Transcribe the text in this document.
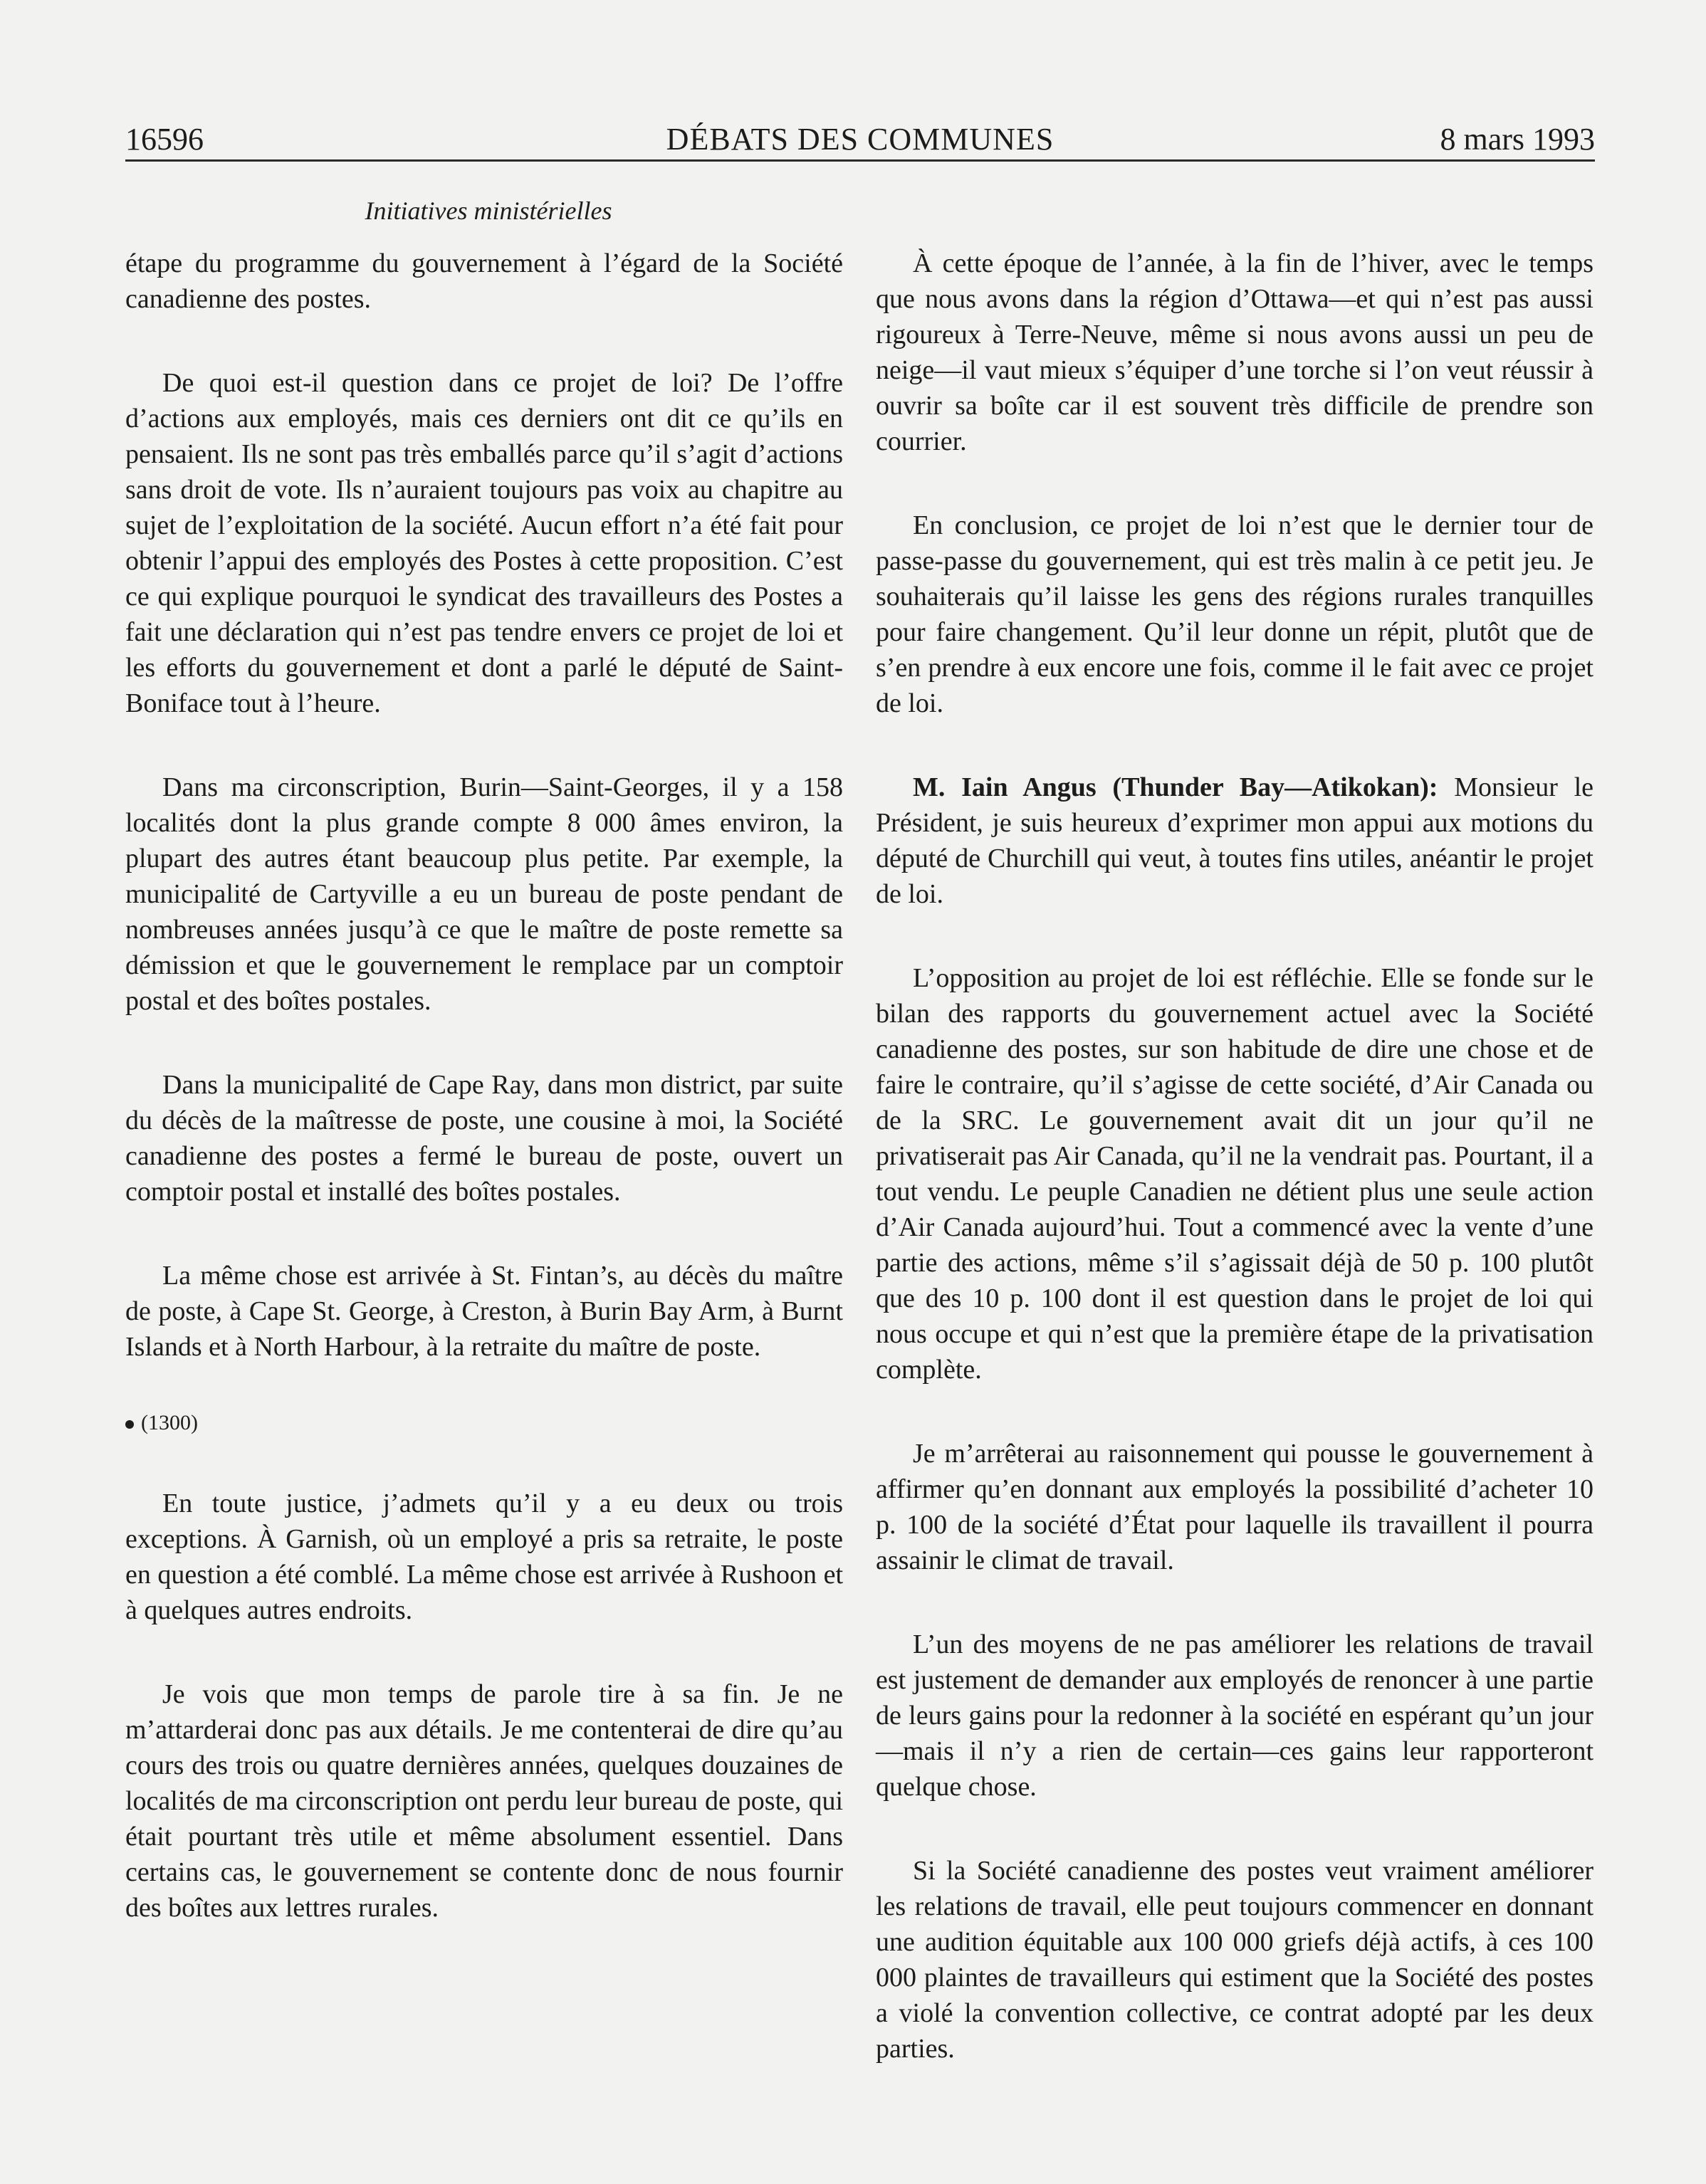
16596	DÉBATS DES COMMUNES	8 mars 1993
Initiatives ministérielles

étape du programme du gouvernement à l’égard de la Société canadienne des postes.

De quoi est-il question dans ce projet de loi? De l’offre d’actions aux employés, mais ces derniers ont dit ce qu’ils en pensaient. Ils ne sont pas très emballés parce qu’il s’agit d’actions sans droit de vote. Ils n’auraient toujours pas voix au chapitre au sujet de l’exploitation de la société. Aucun effort n’a été fait pour obtenir l’appui des employés des Postes à cette proposition. C’est ce qui explique pourquoi le syndicat des travailleurs des Postes a fait une déclaration qui n’est pas tendre envers ce projet de loi et les efforts du gouvernement et dont a parlé le député de Saint-Boniface tout à l’heure.

Dans ma circonscription, Burin—Saint-Georges, il y a 158 localités dont la plus grande compte 8 000 âmes environ, la plupart des autres étant beaucoup plus petite. Par exemple, la municipalité de Cartyville a eu un bureau de poste pendant de nombreuses années jusqu’à ce que le maître de poste remette sa démission et que le gouvernement le remplace par un comptoir postal et des boîtes postales.

Dans la municipalité de Cape Ray, dans mon district, par suite du décès de la maîtresse de poste, une cousine à moi, la Société canadienne des postes a fermé le bureau de poste, ouvert un comptoir postal et installé des boîtes postales.

La même chose est arrivée à St. Fintan’s, au décès du maître de poste, à Cape St. George, à Creston, à Burin Bay Arm, à Burnt Islands et à North Harbour, à la retraite du maître de poste.

(1300)

En toute justice, j’admets qu’il y a eu deux ou trois exceptions. À Garnish, où un employé a pris sa retraite, le poste en question a été comblé. La même chose est arrivée à Rushoon et à quelques autres endroits.

Je vois que mon temps de parole tire à sa fin. Je ne m’attarderai donc pas aux détails. Je me contenterai de dire qu’au cours des trois ou quatre dernières années, quelques douzaines de localités de ma circonscription ont perdu leur bureau de poste, qui était pourtant très utile et même absolument essentiel. Dans certains cas, le gouvernement se contente donc de nous fournir des boîtes aux lettres rurales.

À cette époque de l’année, à la fin de l’hiver, avec le temps que nous avons dans la région d’Ottawa—et qui n’est pas aussi rigoureux à Terre-Neuve, même si nous avons aussi un peu de neige—il vaut mieux s’équiper d’une torche si l’on veut réussir à ouvrir sa boîte car il est souvent très difficile de prendre son courrier.

En conclusion, ce projet de loi n’est que le dernier tour de passe-passe du gouvernement, qui est très malin à ce petit jeu. Je souhaiterais qu’il laisse les gens des régions rurales tranquilles pour faire changement. Qu’il leur donne un répit, plutôt que de s’en prendre à eux encore une fois, comme il le fait avec ce projet de loi.

M. Iain Angus (Thunder Bay—Atikokan): Monsieur le Président, je suis heureux d’exprimer mon appui aux motions du député de Churchill qui veut, à toutes fins utiles, anéantir le projet de loi.

L’opposition au projet de loi est réfléchie. Elle se fonde sur le bilan des rapports du gouvernement actuel avec la Société canadienne des postes, sur son habitude de dire une chose et de faire le contraire, qu’il s’agisse de cette société, d’Air Canada ou de la SRC. Le gouvernement avait dit un jour qu’il ne privatiserait pas Air Canada, qu’il ne la vendrait pas. Pourtant, il a tout vendu. Le peuple Canadien ne détient plus une seule action d’Air Canada aujourd’hui. Tout a commencé avec la vente d’une partie des actions, même s’il s’agissait déjà de 50 p. 100 plutôt que des 10 p. 100 dont il est question dans le projet de loi qui nous occupe et qui n’est que la première étape de la privatisation complète.

Je m’arrêterai au raisonnement qui pousse le gouvernement à affirmer qu’en donnant aux employés la possibilité d’acheter 10 p. 100 de la société d’État pour laquelle ils travaillent il pourra assainir le climat de travail.

L’un des moyens de ne pas améliorer les relations de travail est justement de demander aux employés de renoncer à une partie de leurs gains pour la redonner à la société en espérant qu’un jour—mais il n’y a rien de certain—ces gains leur rapporteront quelque chose.

Si la Société canadienne des postes veut vraiment améliorer les relations de travail, elle peut toujours commencer en donnant une audition équitable aux 100 000 griefs déjà actifs, à ces 100 000 plaintes de travailleurs qui estiment que la Société des postes a violé la convention collective, ce contrat adopté par les deux parties.
